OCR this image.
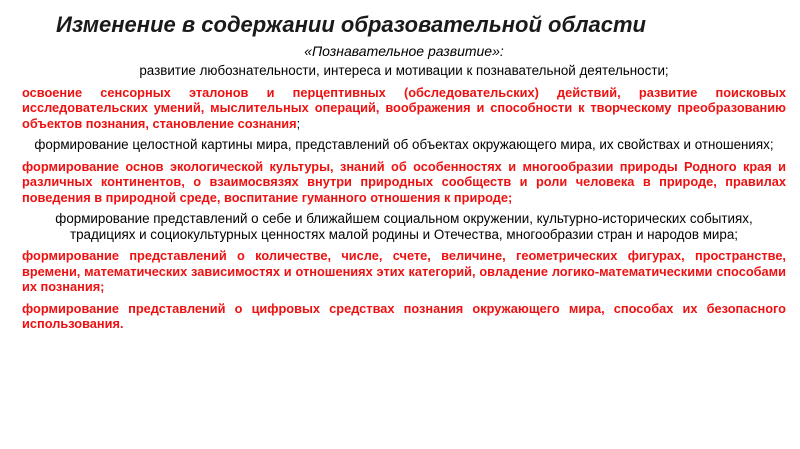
Изменение в содержании образовательной области
«Познавательное развитие»:

развитие любознательности, интереса и мотивации к познавательной деятельности;

освоение сенсорных эталонов и перцептивных (обследовательских) действий, развитие поисковых исследовательских умений, мыслительных операций, воображения и способности к творческому преобразованию объектов познания, становление сознания;

формирование целостной картины мира, представлений об объектах окружающего мира, их свойствах и отношениях;

формирование основ экологической культуры, знаний об особенностях и многообразии природы Родного края и различных континентов, о взаимосвязях внутри природных сообществ и роли человека в природе, правилах поведения в природной среде, воспитание гуманного отношения к природе;

формирование представлений о себе и ближайшем социальном окружении, культурно-исторических событиях, традициях и социокультурных ценностях малой родины и Отечества, многообразии стран и народов мира;

формирование представлений о количестве, числе, счете, величине, геометрических фигурах, пространстве, времени, математических зависимостях и отношениях этих категорий, овладение логико-математическими способами их познания;

формирование представлений о цифровых средствах познания окружающего мира, способах их безопасного использования.
